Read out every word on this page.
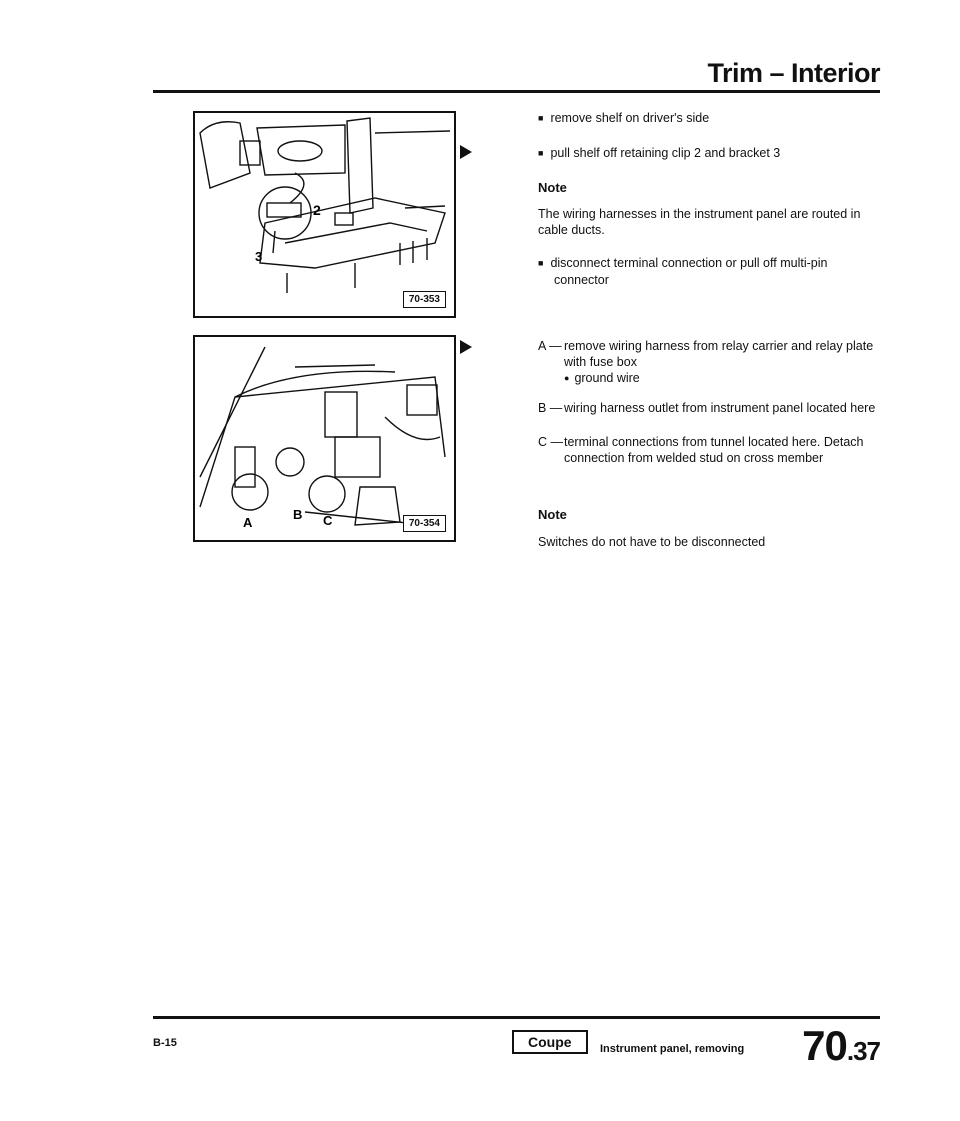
Trim – Interior
2
3
70-353
A
B C	70-354
■ remove shelf on driver's side
■ pull shelf off retaining clip 2 and bracket 3
Note
The wiring harnesses in the instrument panel are routed in cable ducts.
■ disconnect terminal connection or pull off multi-pin connector
A — remove wiring harness from relay carrier and relay plate with fuse box
● ground wire
B — wiring harness outlet from instrument panel located here
C — terminal connections from tunnel located here. Detach connection from welded stud on cross member
Note
Switches do not have to be disconnected
B-15	Coupe	Instrument panel, removing 70.37
